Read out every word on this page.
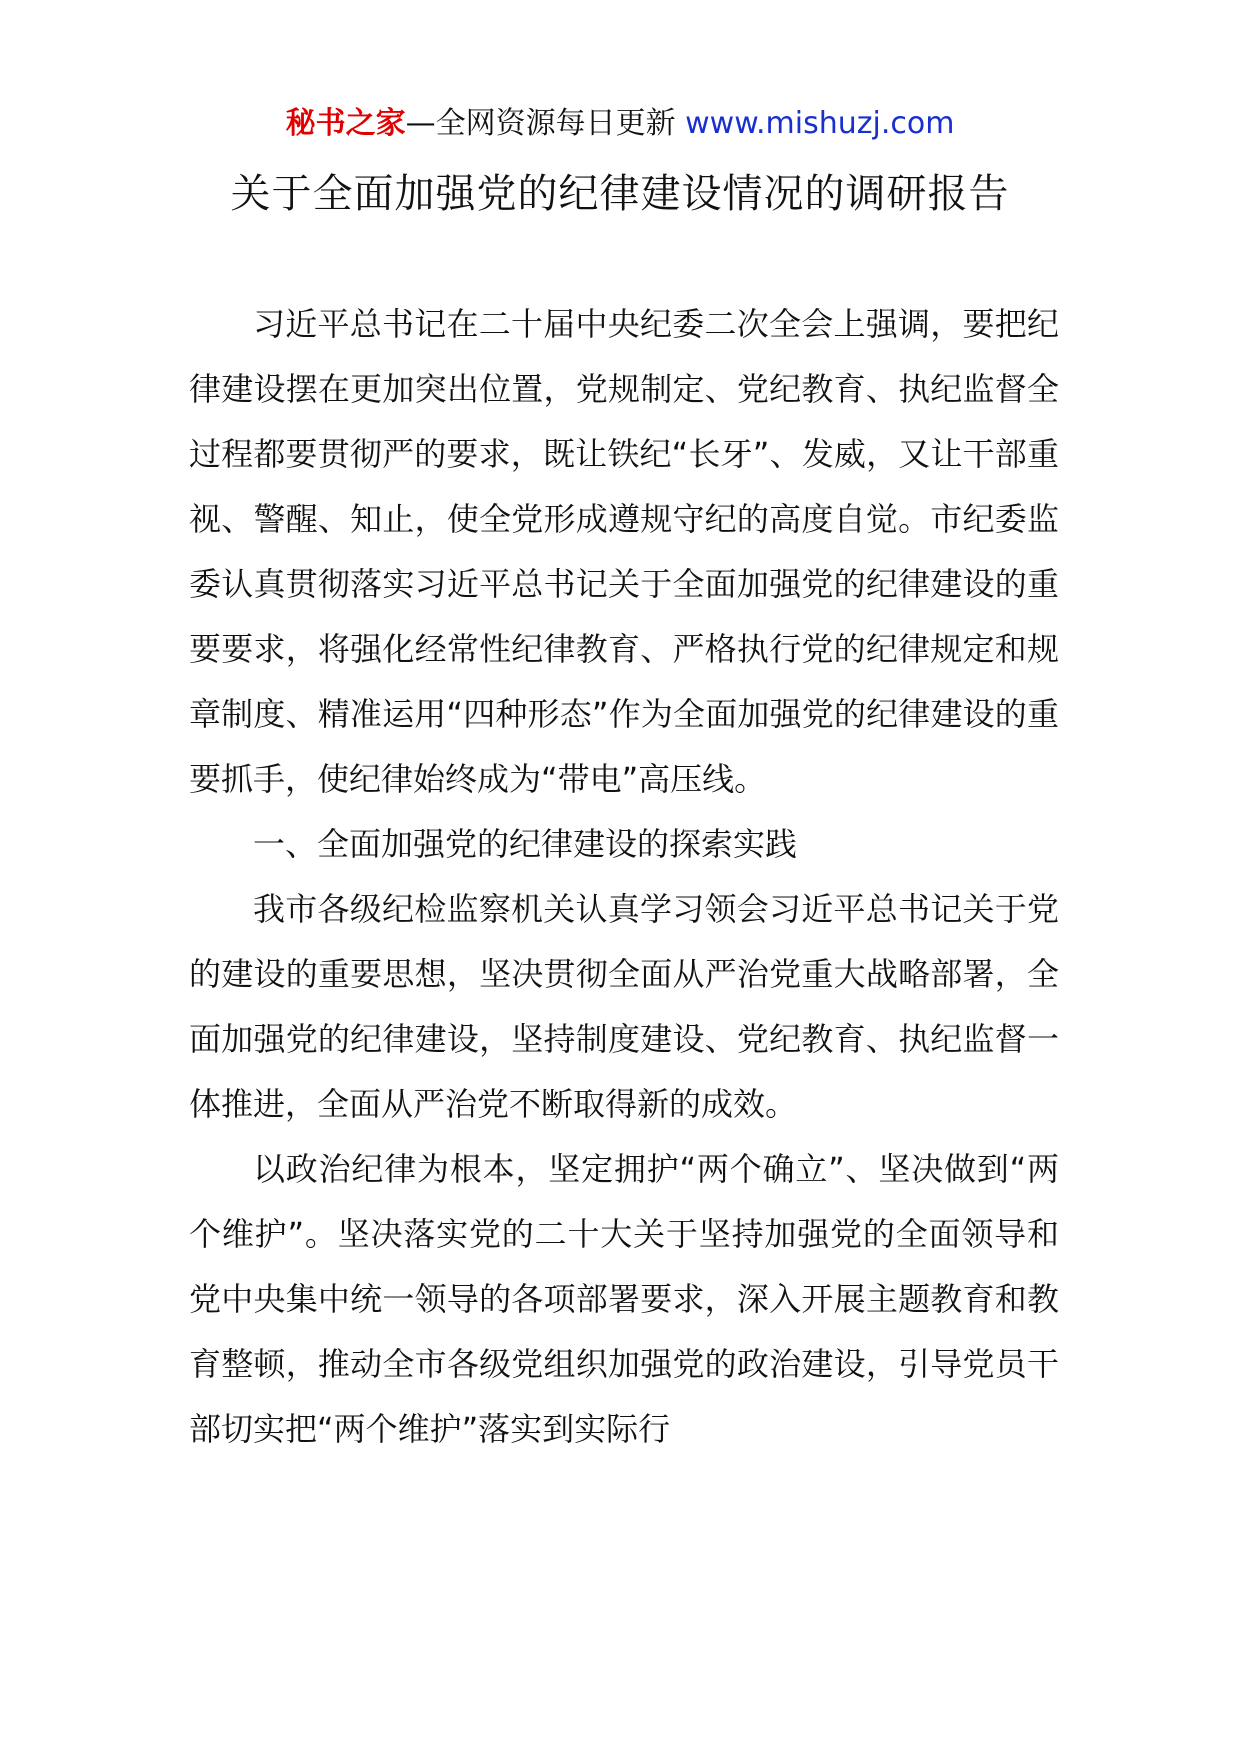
秘书之家—全网资源每日更新 www.mishuzj.com
关于全面加强党的纪律建设情况的调研报告

习近平总书记在二十届中央纪委二次全会上强调，要把纪律建设摆在更加突出位置，党规制定、党纪教育、执纪监督全过程都要贯彻严的要求，既让铁纪“长牙”、发威，又让干部重视、警醒、知止，使全党形成遵规守纪的高度自觉。市纪委监委认真贯彻落实习近平总书记关于全面加强党的纪律建设的重要要求，将强化经常性纪律教育、严格执行党的纪律规定和规章制度、精准运用“四种形态”作为全面加强党的纪律建设的重要抓手，使纪律始终成为“带电”高压线。

一、全面加强党的纪律建设的探索实践

我市各级纪检监察机关认真学习领会习近平总书记关于党的建设的重要思想，坚决贯彻全面从严治党重大战略部署，全面加强党的纪律建设，坚持制度建设、党纪教育、执纪监督一体推进，全面从严治党不断取得新的成效。

以政治纪律为根本，坚定拥护“两个确立”、坚决做到“两个维护”。坚决落实党的二十大关于坚持加强党的全面领导和党中央集中统一领导的各项部署要求，深入开展主题教育和教育整顿，推动全市各级党组织加强党的政治建设，引导党员干部切实把“两个维护”落实到实际行
